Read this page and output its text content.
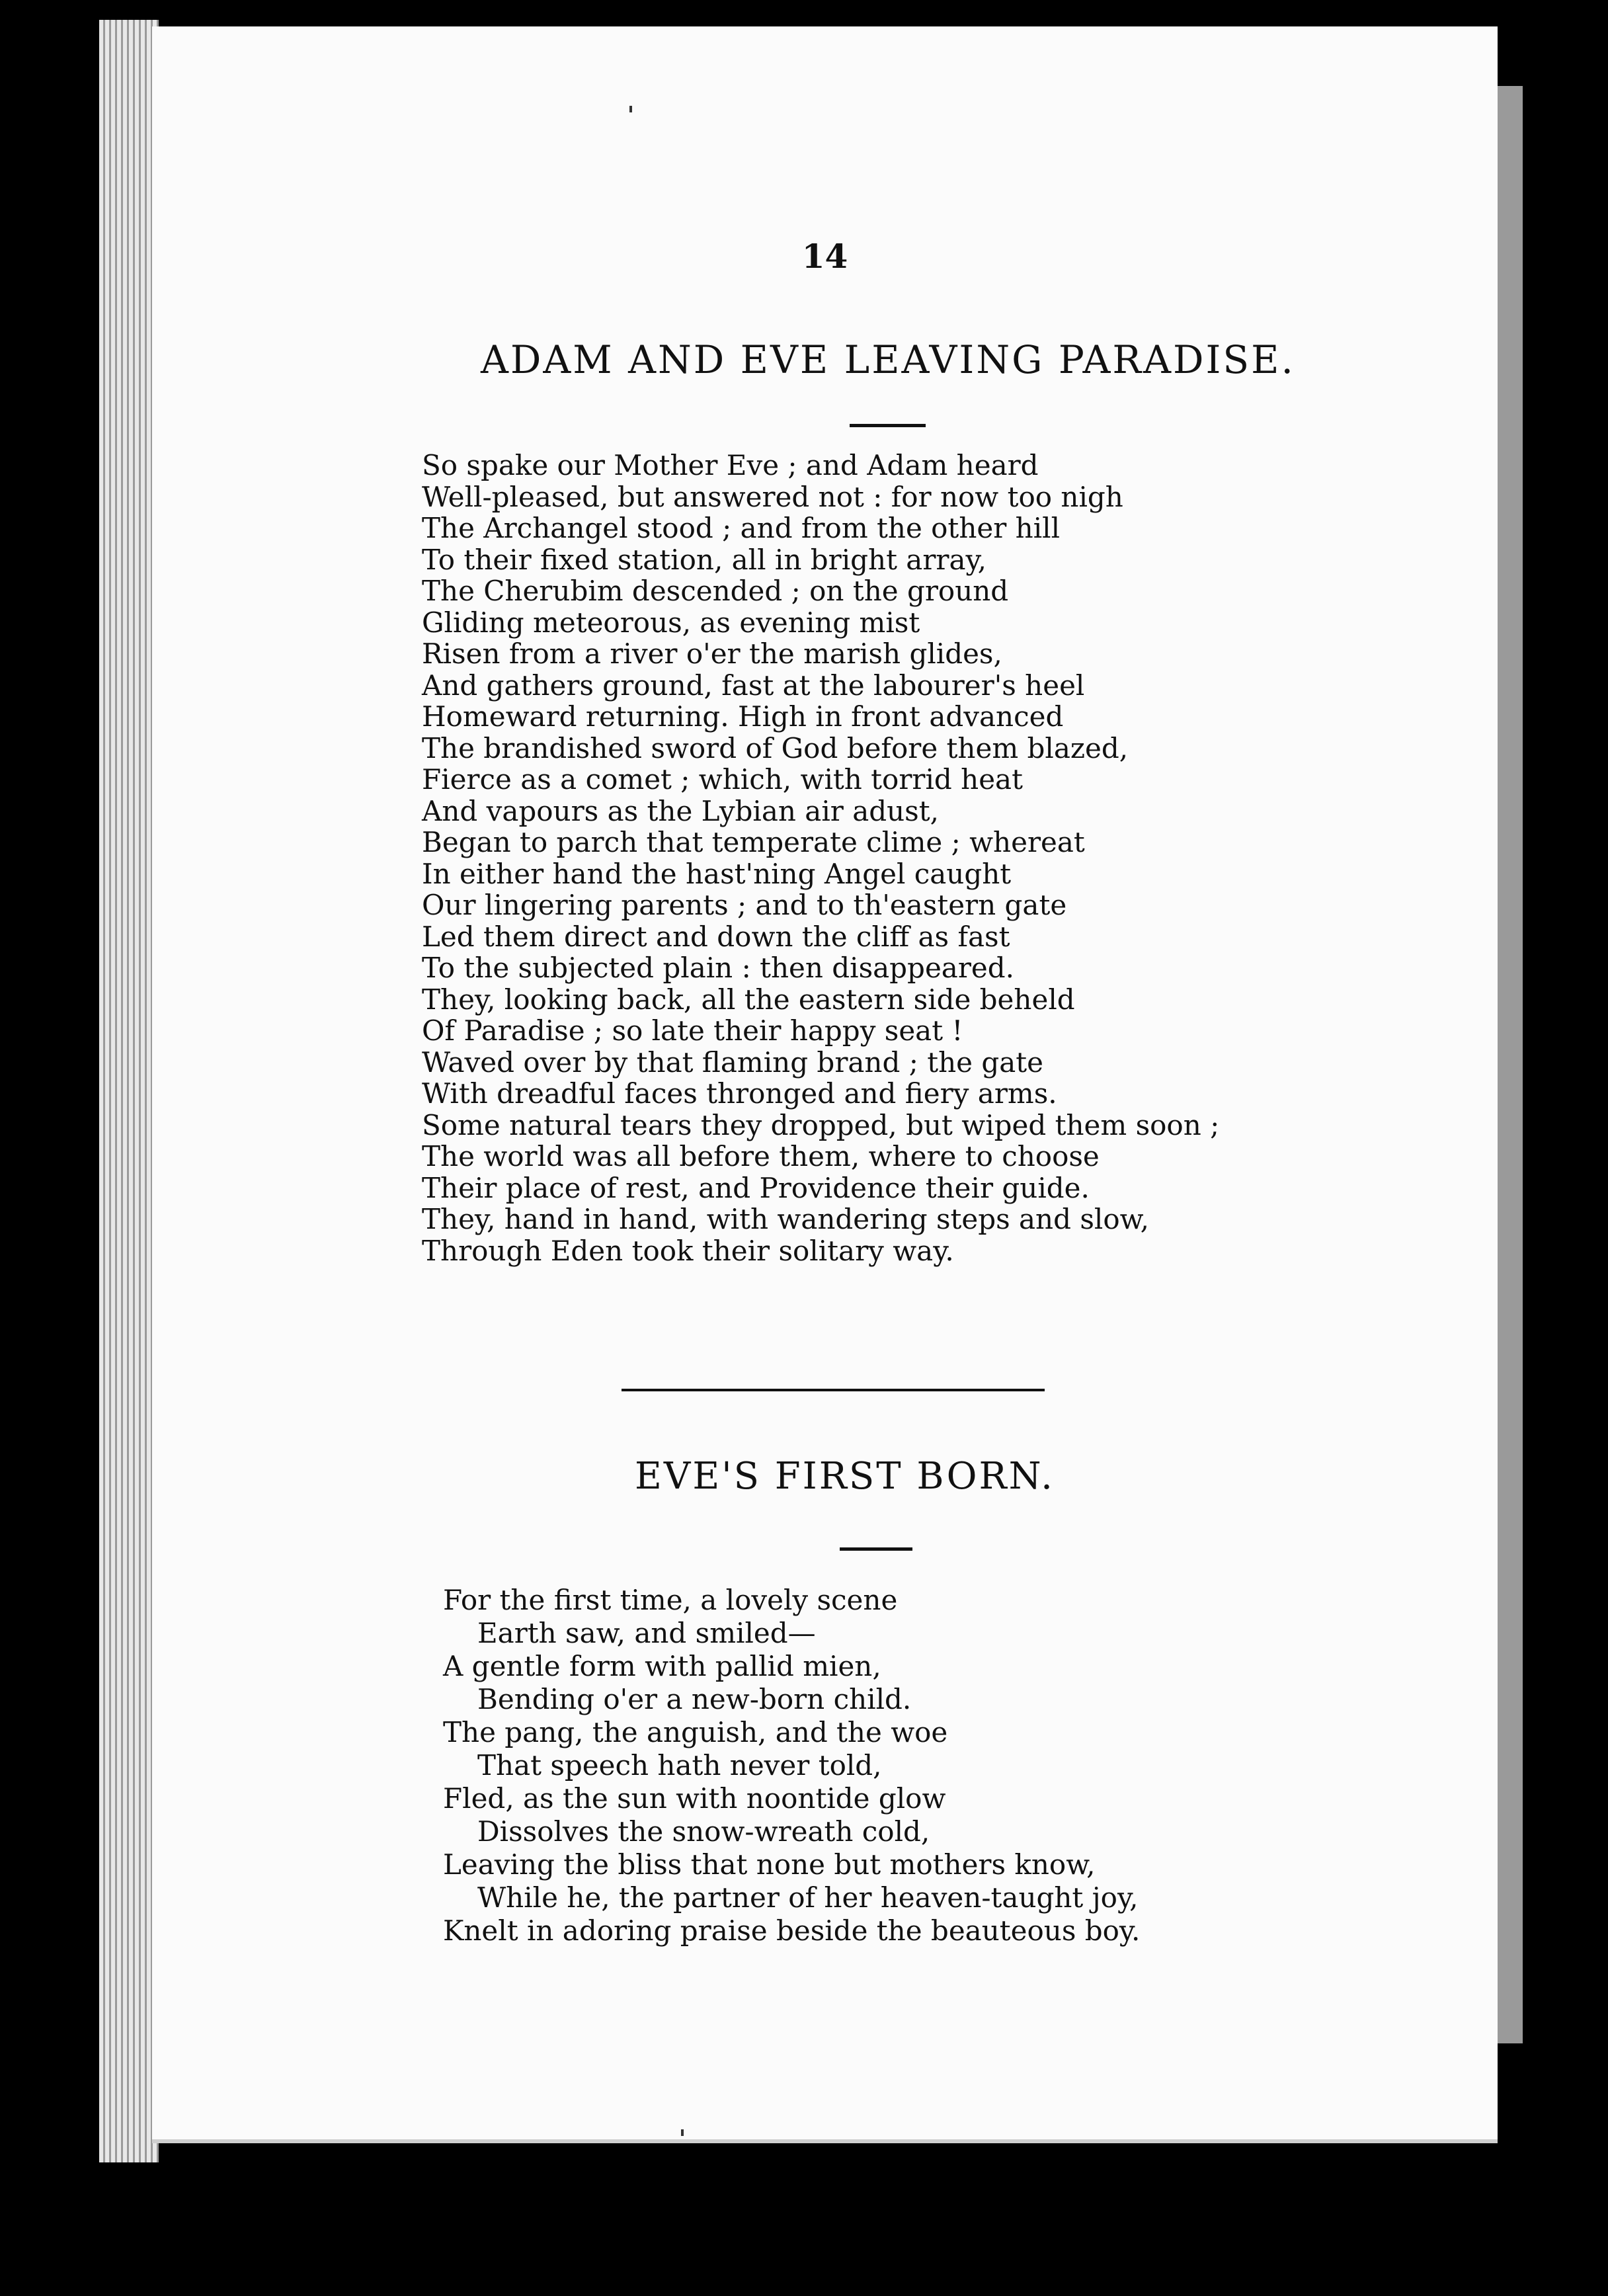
14
ADAM AND EVE LEAVING PARADISE.
So spake our Mother Eve ; and Adam heard
Well-pleased, but answered not : for now too nigh
The Archangel stood ; and from the other hill
To their fixed station, all in bright array,
The Cherubim descended ; on the ground
Gliding meteorous, as evening mist
Risen from a river o'er the marish glides,
And gathers ground, fast at the labourer's heel
Homeward returning. High in front advanced
The brandished sword of God before them blazed,
Fierce as a comet ; which, with torrid heat
And vapours as the Lybian air adust,
Began to parch that temperate clime ; whereat
In either hand the hast'ning Angel caught
Our lingering parents ; and to th'eastern gate
Led them direct and down the cliff as fast
To the subjected plain : then disappeared.
They, looking back, all the eastern side beheld
Of Paradise ; so late their happy seat !
Waved over by that flaming brand ; the gate
With dreadful faces thronged and fiery arms.
Some natural tears they dropped, but wiped them soon ;
The world was all before them, where to choose
Their place of rest, and Providence their guide.
They, hand in hand, with wandering steps and slow,
Through Eden took their solitary way.
EVE'S FIRST BORN.
For the first time, a lovely scene
Earth saw, and smiled—
A gentle form with pallid mien,
Bending o'er a new-born child.
The pang, the anguish, and the woe
That speech hath never told,
Fled, as the sun with noontide glow
Dissolves the snow-wreath cold,
Leaving the bliss that none but mothers know,
While he, the partner of her heaven-taught joy,
Knelt in adoring praise beside the beauteous boy.
